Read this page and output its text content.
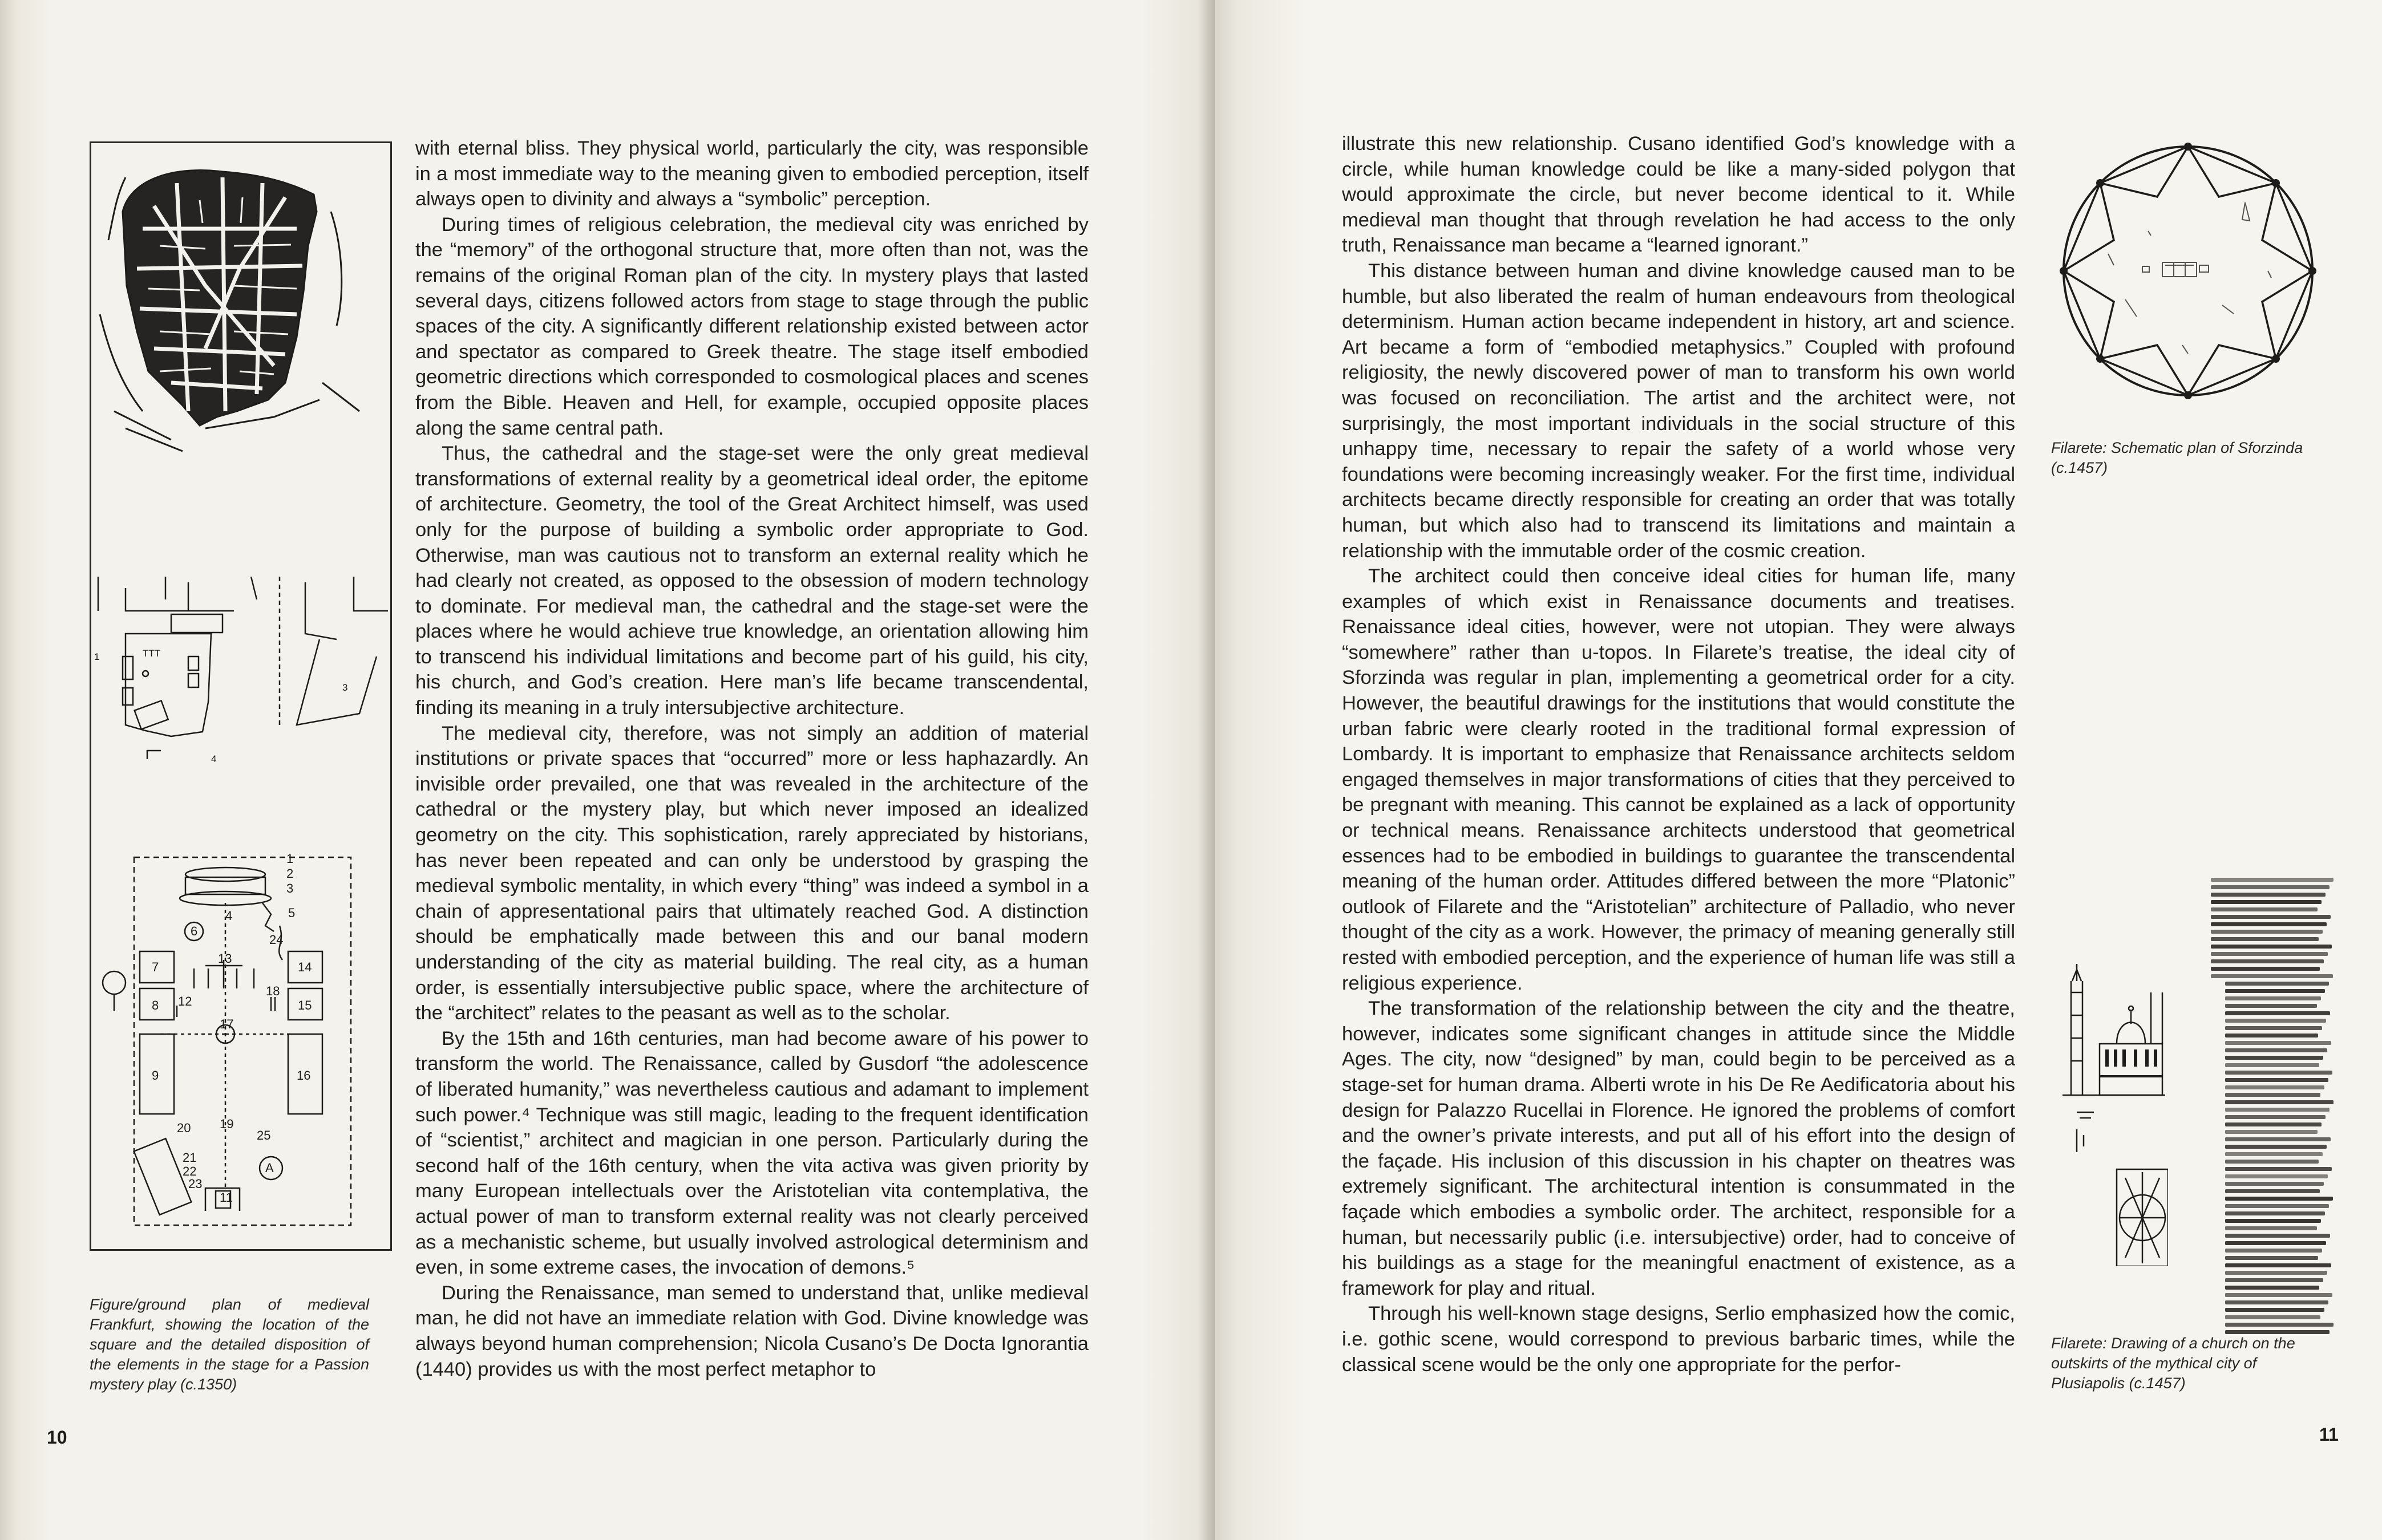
1	TTT
3
4
1
2
3
4	5
6
7
8
9
11
12
13
14
15
16
17
18
19
20
21
22
23
24
25
A
Figure/ground plan of medieval Frankfurt, showing the location of the square and the detailed disposition of the elements in the stage for a Passion mystery play (c.1350)

with eternal bliss. They physical world, particularly the city, was responsible in a most immediate way to the meaning given to embodied perception, itself always open to divinity and always a “symbolic” perception.

During times of religious celebration, the medieval city was enriched by the “memory” of the orthogonal structure that, more often than not, was the remains of the original Roman plan of the city. In mystery plays that lasted several days, citizens followed actors from stage to stage through the public spaces of the city. A significantly different relationship existed between actor and spectator as compared to Greek theatre. The stage itself embodied geometric directions which corresponded to cosmological places and scenes from the Bible. Heaven and Hell, for example, occupied opposite places along the same central path.

Thus, the cathedral and the stage-set were the only great medieval transformations of external reality by a geometrical ideal order, the epitome of architecture. Geometry, the tool of the Great Architect himself, was used only for the purpose of building a symbolic order appropriate to God. Otherwise, man was cautious not to transform an external reality which he had clearly not created, as opposed to the obsession of modern technology to dominate. For medieval man, the cathedral and the stage-set were the places where he would achieve true knowledge, an orientation allowing him to transcend his individual limitations and become part of his guild, his city, his church, and God’s creation. Here man’s life became transcendental, finding its meaning in a truly intersubjective architecture.

The medieval city, therefore, was not simply an addition of material institutions or private spaces that “occurred” more or less haphazardly. An invisible order prevailed, one that was revealed in the architecture of the cathedral or the mystery play, but which never imposed an idealized geometry on the city. This sophistication, rarely appreciated by historians, has never been repeated and can only be understood by grasping the medieval symbolic mentality, in which every “thing” was indeed a symbol in a chain of appresentational pairs that ultimately reached God. A distinction should be emphatically made between this and our banal modern understanding of the city as material building. The real city, as a human order, is essentially intersubjective public space, where the architecture of the “architect” relates to the peasant as well as to the scholar.

By the 15th and 16th centuries, man had become aware of his power to transform the world. The Renaissance, called by Gusdorf “the adolescence of liberated humanity,” was nevertheless cautious and adamant to implement such power.⁴ Technique was still magic, leading to the frequent identification of “scientist,” architect and magician in one person. Particularly during the second half of the 16th century, when the vita activa was given priority by many European intellectuals over the Aristotelian vita contemplativa, the actual power of man to transform external reality was not clearly perceived as a mechanistic scheme, but usually involved astrological determinism and even, in some extreme cases, the invocation of demons.⁵

During the Renaissance, man semed to understand that, unlike medieval man, he did not have an immediate relation with God. Divine knowledge was always beyond human comprehension; Nicola Cusano’s De Docta Ignorantia (1440) provides us with the most perfect metaphor to

10

illustrate this new relationship. Cusano identified God’s knowledge with a circle, while human knowledge could be like a many-sided polygon that would approximate the circle, but never become identical to it. While medieval man thought that through revelation he had access to the only truth, Renaissance man became a “learned ignorant.”

This distance between human and divine knowledge caused man to be humble, but also liberated the realm of human endeavours from theological determinism. Human action became independent in history, art and science. Art became a form of “embodied metaphysics.” Coupled with profound religiosity, the newly discovered power of man to transform his own world was focused on reconciliation. The artist and the architect were, not surprisingly, the most important individuals in the social structure of this unhappy time, necessary to repair the safety of a world whose very foundations were becoming increasingly weaker. For the first time, individual architects became directly responsible for creating an order that was totally human, but which also had to transcend its limitations and maintain a relationship with the immutable order of the cosmic creation.

The architect could then conceive ideal cities for human life, many examples of which exist in Renaissance documents and treatises. Renaissance ideal cities, however, were not utopian. They were always “somewhere” rather than u-topos. In Filarete’s treatise, the ideal city of Sforzinda was regular in plan, implementing a geometrical order for a city. However, the beautiful drawings for the institutions that would constitute the urban fabric were clearly rooted in the traditional formal expression of Lombardy. It is important to emphasize that Renaissance architects seldom engaged themselves in major transformations of cities that they perceived to be pregnant with meaning. This cannot be explained as a lack of opportunity or technical means. Renaissance architects understood that geometrical essences had to be embodied in buildings to guarantee the transcendental meaning of the human order. Attitudes differed between the more “Platonic” outlook of Filarete and the “Aristotelian” architecture of Palladio, who never thought of the city as a work. However, the primacy of meaning generally still rested with embodied perception, and the experience of human life was still a religious experience.

The transformation of the relationship between the city and the theatre, however, indicates some significant changes in attitude since the Middle Ages. The city, now “designed” by man, could begin to be perceived as a stage-set for human drama. Alberti wrote in his De Re Aedificatoria about his design for Palazzo Rucellai in Florence. He ignored the problems of comfort and the owner’s private interests, and put all of his effort into the design of the façade. His inclusion of this discussion in his chapter on theatres was extremely significant. The architectural intention is consummated in the façade which embodies a symbolic order. The architect, responsible for a human, but necessarily public (i.e. intersubjective) order, had to conceive of his buildings as a stage for the meaningful enactment of existence, as a framework for play and ritual.

Through his well-known stage designs, Serlio emphasized how the comic, i.e. gothic scene, would correspond to previous barbaric times, while the classical scene would be the only one appropriate for the perfor-

Filarete: Schematic plan of Sforzinda (c.1457)
Filarete: Drawing of a church on the outskirts of the mythical city of Plusiapolis (c.1457)
11
